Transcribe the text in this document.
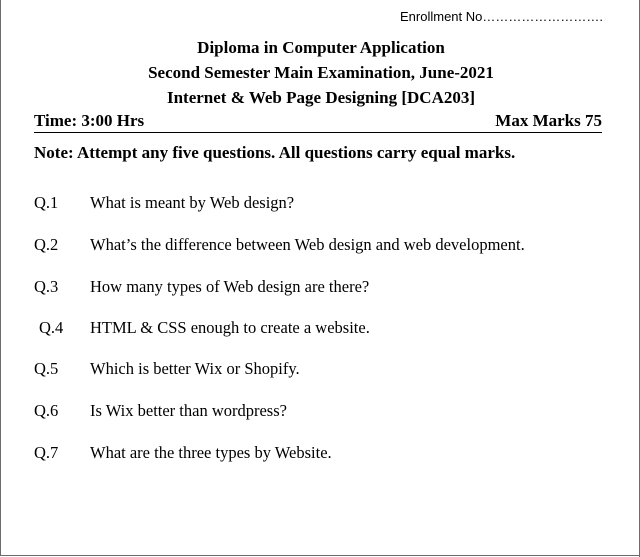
Enrollment No……………………….
Diploma in Computer Application
Second Semester Main Examination, June-2021
Internet & Web Page Designing [DCA203]
Time: 3:00 Hrs	Max Marks 75
Note: Attempt any five questions. All questions carry equal marks.
Q.1 What is meant by Web design?
Q.2 What’s the difference between Web design and web development.
Q.3 How many types of Web design are there?
Q.4 HTML & CSS enough to create a website.
Q.5 Which is better Wix or Shopify.
Q.6 Is Wix better than wordpress?
Q.7 What are the three types by Website.
